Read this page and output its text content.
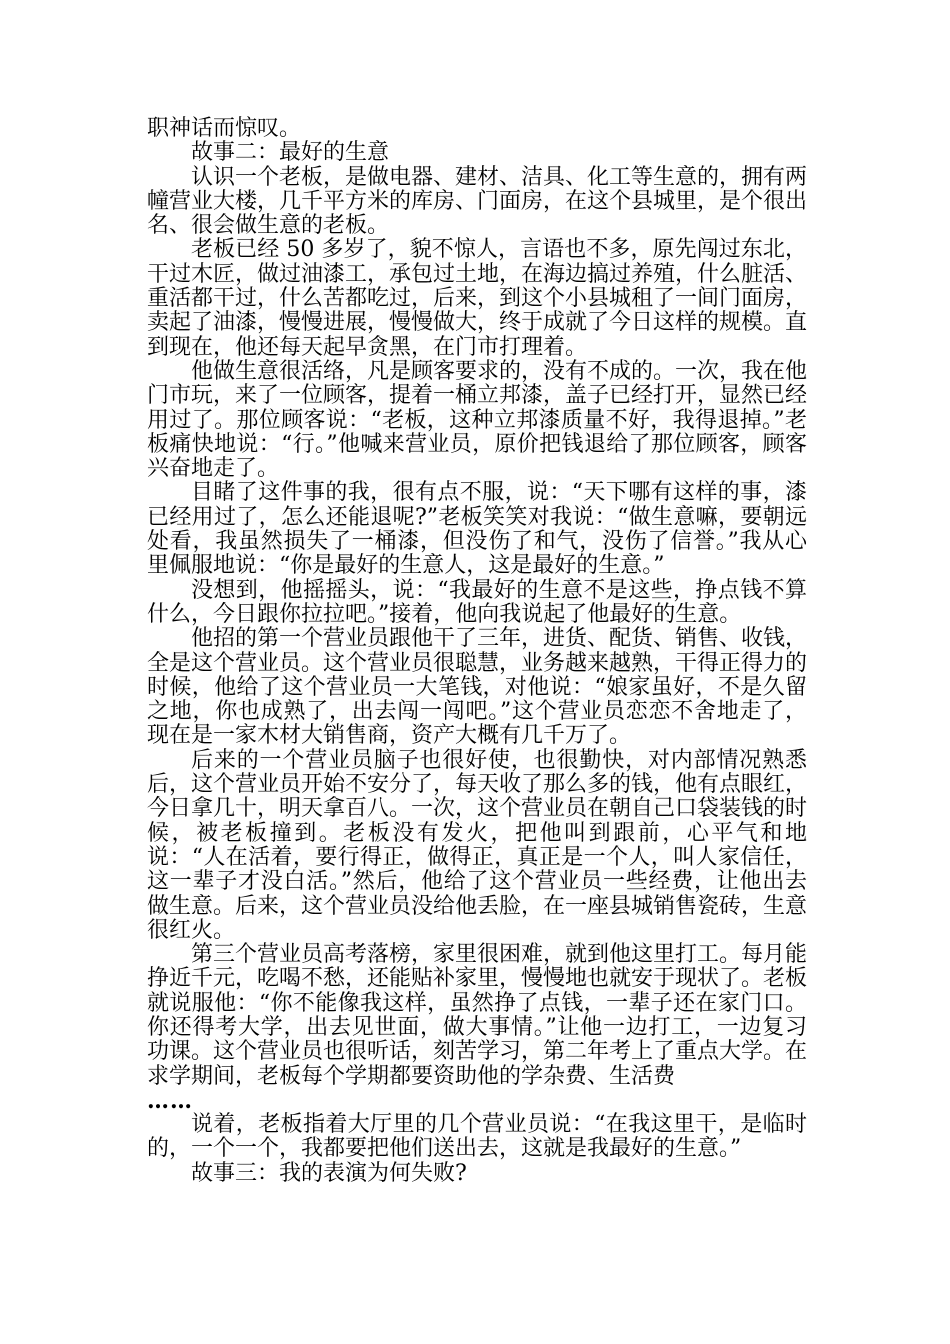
职神话而惊叹。

故事二：最好的生意

认识一个老板，是做电器、建材、洁具、化工等生意的，拥有两幢营业大楼，几千平方米的库房、门面房，在这个县城里，是个很出名、很会做生意的老板。

老板已经 50 多岁了，貌不惊人，言语也不多，原先闯过东北，干过木匠，做过油漆工，承包过土地，在海边搞过养殖，什么脏活、重活都干过，什么苦都吃过，后来，到这个小县城租了一间门面房，卖起了油漆，慢慢进展，慢慢做大，终于成就了今日这样的规模。直到现在，他还每天起早贪黑，在门市打理着。

他做生意很活络，凡是顾客要求的，没有不成的。一次，我在他门市玩，来了一位顾客，提着一桶立邦漆，盖子已经打开，显然已经用过了。那位顾客说：“老板，这种立邦漆质量不好，我得退掉。”老板痛快地说：“行。”他喊来营业员，原价把钱退给了那位顾客，顾客兴奋地走了。

目睹了这件事的我，很有点不服，说：“天下哪有这样的事，漆已经用过了，怎么还能退呢?”老板笑笑对我说：“做生意嘛，要朝远处看，我虽然损失了一桶漆，但没伤了和气，没伤了信誉。”我从心里佩服地说：“你是最好的生意人，这是最好的生意。”

没想到，他摇摇头，说：“我最好的生意不是这些，挣点钱不算什么，今日跟你拉拉吧。”接着，他向我说起了他最好的生意。

他招的第一个营业员跟他干了三年，进货、配货、销售、收钱，全是这个营业员。这个营业员很聪慧，业务越来越熟，干得正得力的时候，他给了这个营业员一大笔钱，对他说：“娘家虽好，不是久留之地，你也成熟了，出去闯一闯吧。”这个营业员恋恋不舍地走了，现在是一家木材大销售商，资产大概有几千万了。

后来的一个营业员脑子也很好使，也很勤快，对内部情况熟悉后，这个营业员开始不安分了，每天收了那么多的钱，他有点眼红，今日拿几十，明天拿百八。一次，这个营业员在朝自己口袋装钱的时候，被老板撞到。老板没有发火，把他叫到跟前，心平气和地说：“人在活着，要行得正，做得正，真正是一个人，叫人家信任，这一辈子才没白活。”然后，他给了这个营业员一些经费，让他出去做生意。后来，这个营业员没给他丢脸，在一座县城销售瓷砖，生意很红火。

第三个营业员高考落榜，家里很困难，就到他这里打工。每月能挣近千元，吃喝不愁，还能贴补家里，慢慢地也就安于现状了。老板就说服他：“你不能像我这样，虽然挣了点钱，一辈子还在家门口。你还得考大学，出去见世面，做大事情。”让他一边打工，一边复习功课。这个营业员也很听话，刻苦学习，第二年考上了重点大学。在求学期间，老板每个学期都要资助他的学杂费、生活费

……

说着，老板指着大厅里的几个营业员说：“在我这里干，是临时的，一个一个，我都要把他们送出去，这就是我最好的生意。”

故事三：我的表演为何失败?
